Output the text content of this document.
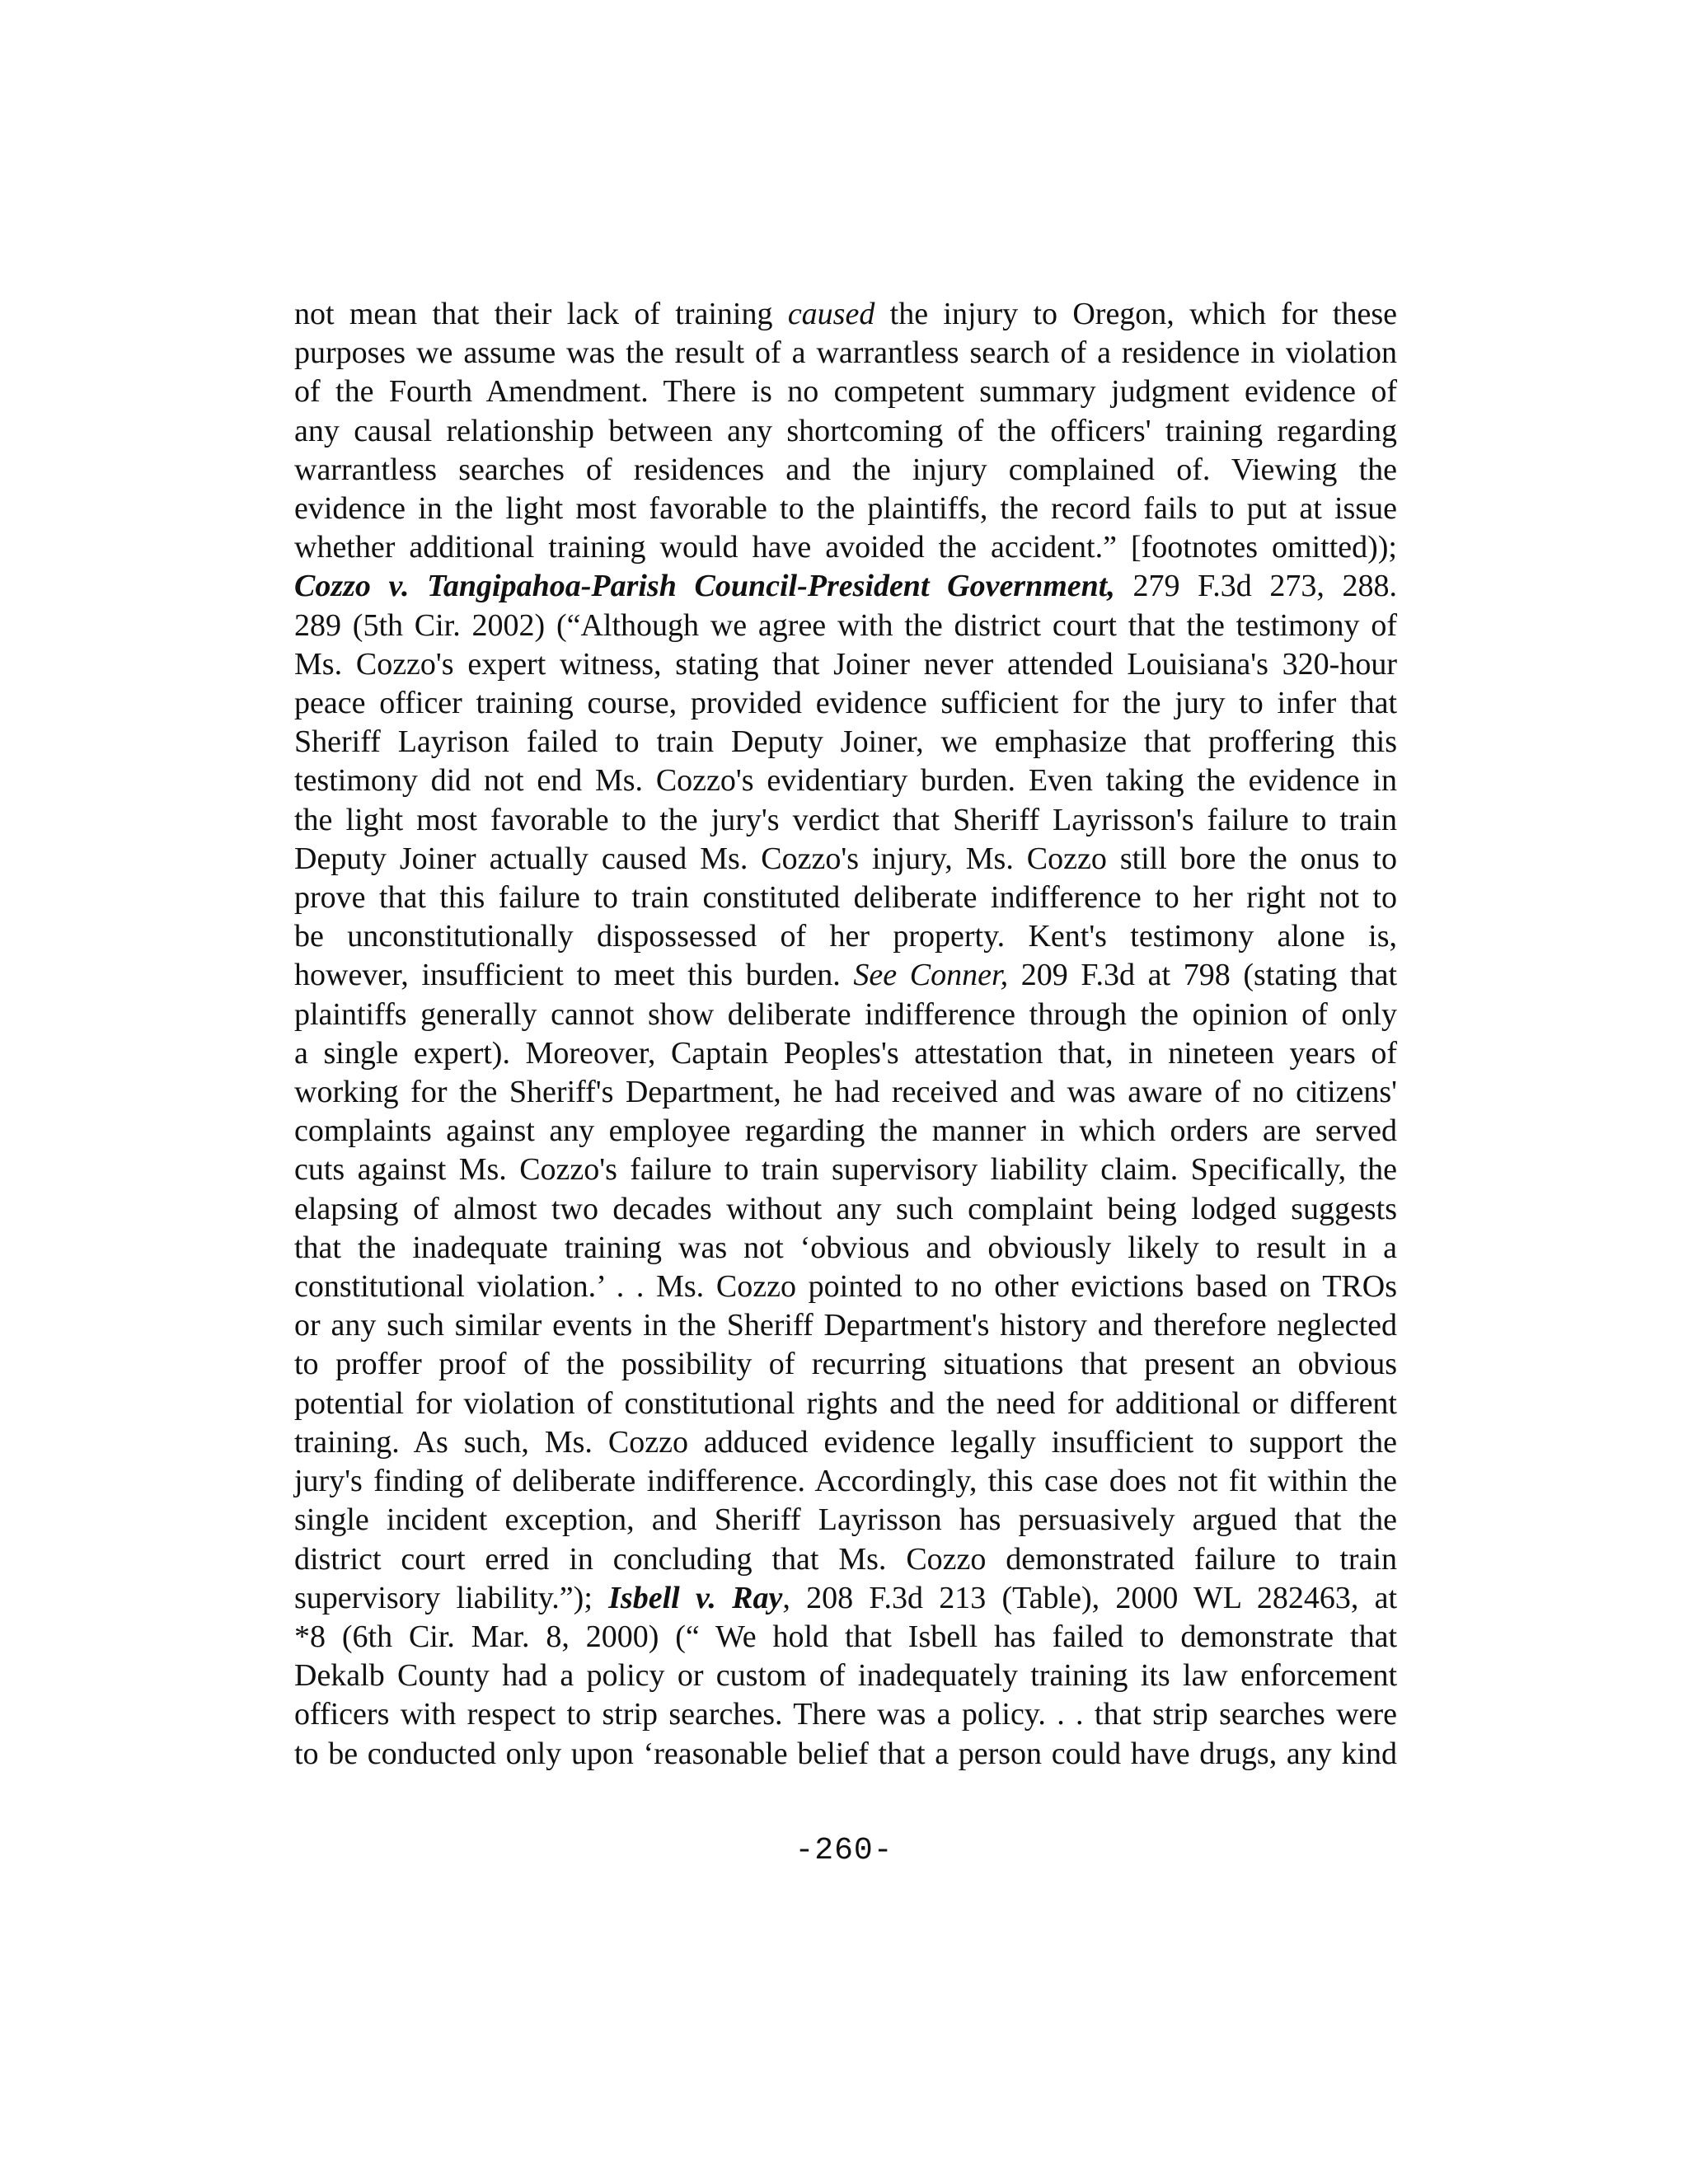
not mean that their lack of training caused the injury to Oregon, which for these
purposes we assume was the result of a warrantless search of a residence in violation
of the Fourth Amendment. There is no competent summary judgment evidence of
any causal relationship between any shortcoming of the officers' training regarding
warrantless searches of residences and the injury complained of. Viewing the
evidence in the light most favorable to the plaintiffs, the record fails to put at issue
whether additional training would have avoided the accident.” [footnotes omitted));
Cozzo v. Tangipahoa-Parish Council-President Government, 279 F.3d 273, 288.
289 (5th Cir. 2002) (“Although we agree with the district court that the testimony of
Ms. Cozzo's expert witness, stating that Joiner never attended Louisiana's 320-hour
peace officer training course, provided evidence sufficient for the jury to infer that
Sheriff Layrison failed to train Deputy Joiner, we emphasize that proffering this
testimony did not end Ms. Cozzo's evidentiary burden. Even taking the evidence in
the light most favorable to the jury's verdict that Sheriff Layrisson's failure to train
Deputy Joiner actually caused Ms. Cozzo's injury, Ms. Cozzo still bore the onus to
prove that this failure to train constituted deliberate indifference to her right not to
be unconstitutionally dispossessed of her property. Kent's testimony alone is,
however, insufficient to meet this burden. See Conner, 209 F.3d at 798 (stating that
plaintiffs generally cannot show deliberate indifference through the opinion of only
a single expert). Moreover, Captain Peoples's attestation that, in nineteen years of
working for the Sheriff's Department, he had received and was aware of no citizens'
complaints against any employee regarding the manner in which orders are served
cuts against Ms. Cozzo's failure to train supervisory liability claim. Specifically, the
elapsing of almost two decades without any such complaint being lodged suggests
that the inadequate training was not ‘obvious and obviously likely to result in a
constitutional violation.’ . . Ms. Cozzo pointed to no other evictions based on TROs
or any such similar events in the Sheriff Department's history and therefore neglected
to proffer proof of the possibility of recurring situations that present an obvious
potential for violation of constitutional rights and the need for additional or different
training. As such, Ms. Cozzo adduced evidence legally insufficient to support the
jury's finding of deliberate indifference. Accordingly, this case does not fit within the
single incident exception, and Sheriff Layrisson has persuasively argued that the
district court erred in concluding that Ms. Cozzo demonstrated failure to train
supervisory liability.”); Isbell v. Ray, 208 F.3d 213 (Table), 2000 WL 282463, at
*8 (6th Cir. Mar. 8, 2000) (“ We hold that Isbell has failed to demonstrate that
Dekalb County had a policy or custom of inadequately training its law enforcement
officers with respect to strip searches. There was a policy. . . that strip searches were
to be conducted only upon ‘reasonable belief that a person could have drugs, any kind
-260-
